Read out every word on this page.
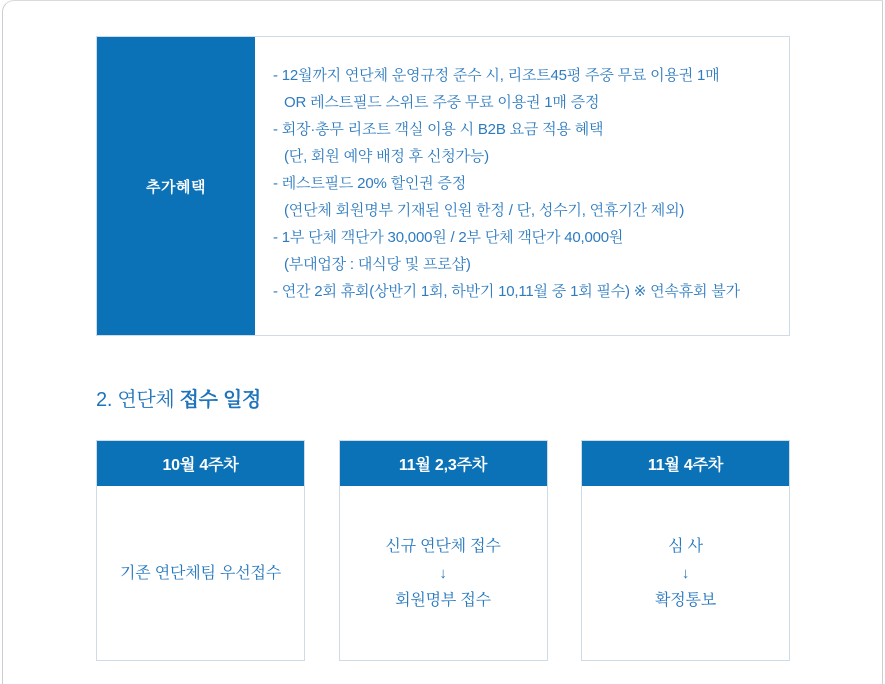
추가혜택
- 12월까지 연단체 운영규정 준수 시, 리조트45평 주중 무료 이용권 1매
OR 레스트필드 스위트 주중 무료 이용권 1매 증정
- 회장·총무 리조트 객실 이용 시 B2B 요금 적용 혜택
(단, 회원 예약 배정 후 신청가능)
- 레스트필드 20% 할인권 증정
(연단체 회원명부 기재된 인원 한정 / 단, 성수기, 연휴기간 제외)
- 1부 단체 객단가 30,000원 / 2부 단체 객단가 40,000원
(부대업장 : 대식당 및 프로샵)
- 연간 2회 휴회(상반기 1회, 하반기 10,11월 중 1회 필수) ※ 연속휴회 불가
2. 연단체 접수 일정
10월 4주차
기존 연단체팀 우선접수
11월 2,3주차
신규 연단체 접수
↓
회원명부 접수
11월 4주차
심 사
↓
확정통보
